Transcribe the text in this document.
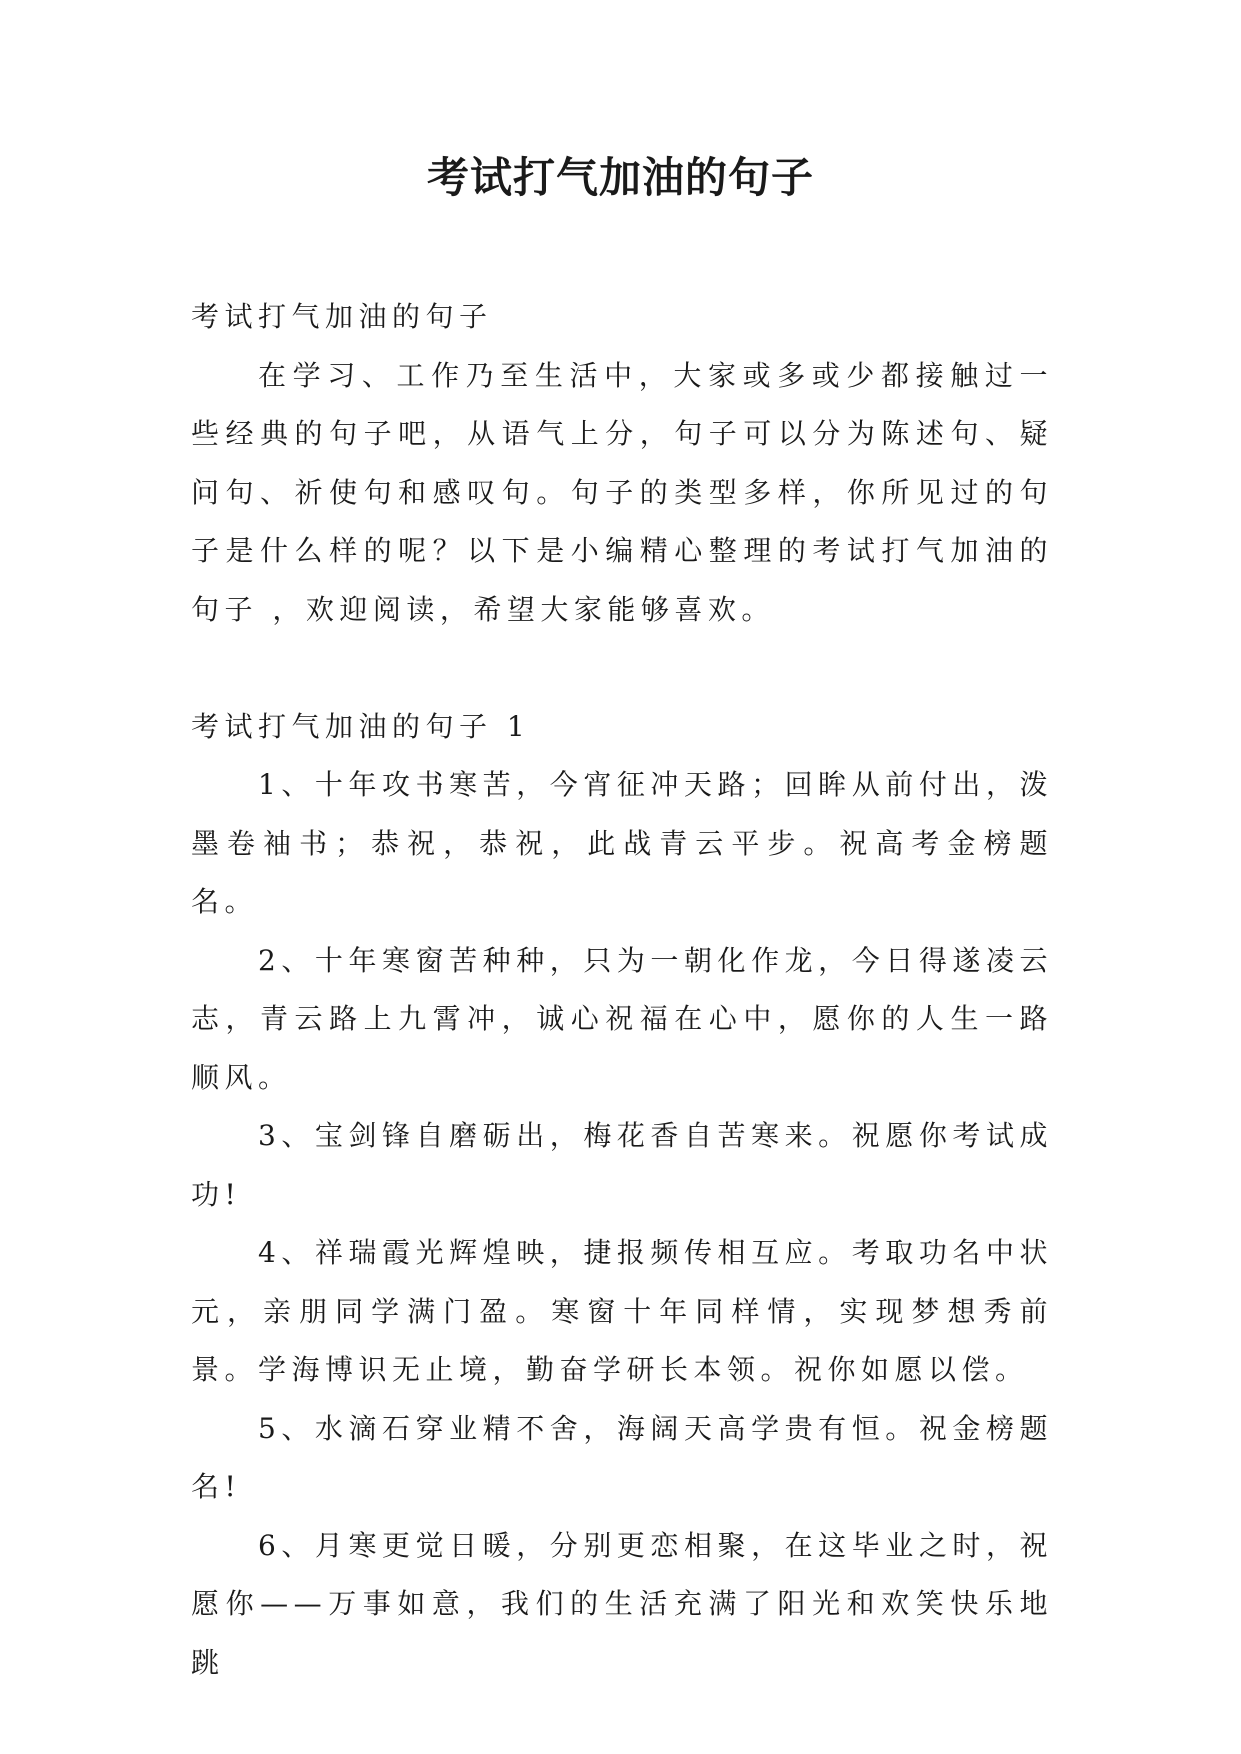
考试打气加油的句子

考试打气加油的句子

在学习、工作乃至生活中，大家或多或少都接触过一些经典的句子吧，从语气上分，句子可以分为陈述句、疑问句、祈使句和感叹句。句子的类型多样，你所见过的句子是什么样的呢？以下是小编精心整理的考试打气加油的句子 ，欢迎阅读，希望大家能够喜欢。

考试打气加油的句子 1

1、十年攻书寒苦，今宵征冲天路；回眸从前付出，泼墨卷袖书；恭祝，恭祝，此战青云平步。祝高考金榜题名。

2、十年寒窗苦种种，只为一朝化作龙，今日得遂凌云志，青云路上九霄冲，诚心祝福在心中，愿你的人生一路顺风。

3、宝剑锋自磨砺出，梅花香自苦寒来。祝愿你考试成功!

4、祥瑞霞光辉煌映，捷报频传相互应。考取功名中状元，亲朋同学满门盈。寒窗十年同样情，实现梦想秀前景。学海博识无止境，勤奋学研长本领。祝你如愿以偿。

5、水滴石穿业精不舍，海阔天高学贵有恒。祝金榜题名!

6、月寒更觉日暖，分别更恋相聚，在这毕业之时，祝愿你——万事如意，我们的生活充满了阳光和欢笑快乐地跳
